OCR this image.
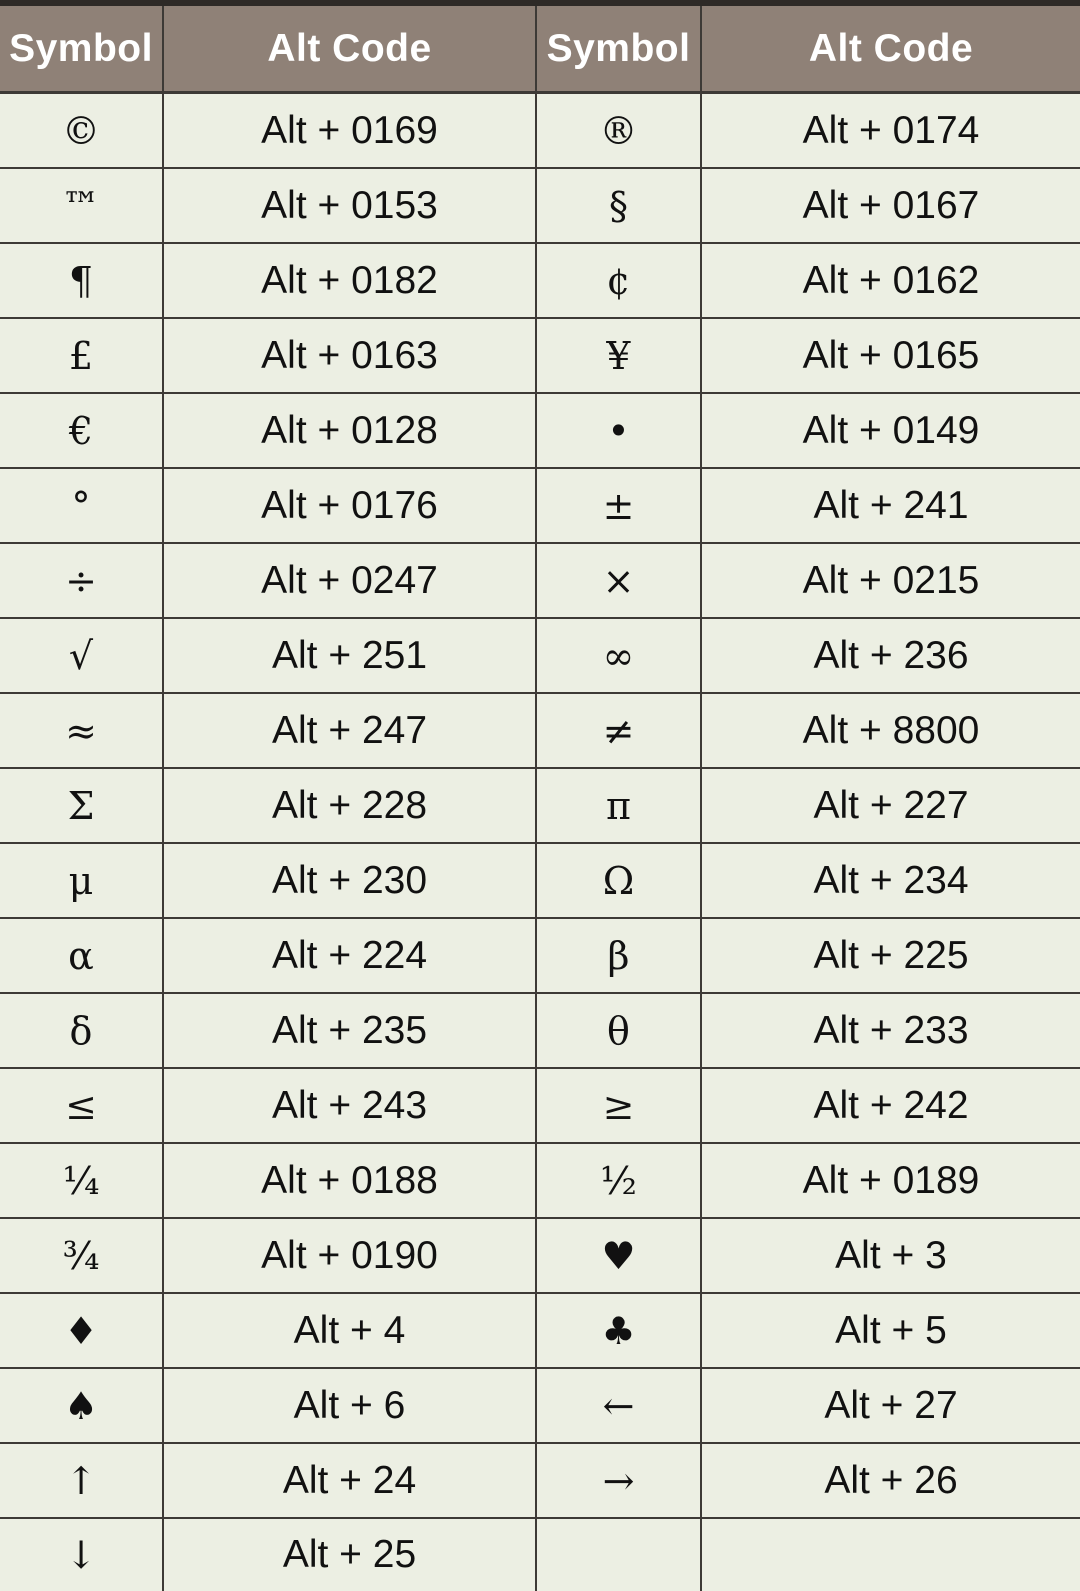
Symbol	Alt Code	Symbol	Alt Code
©	Alt + 0169	®	Alt + 0174
™	Alt + 0153	§	Alt + 0167
¶	Alt + 0182	¢	Alt + 0162
£	Alt + 0163	¥	Alt + 0165
€	Alt + 0128	•	Alt + 0149
°	Alt + 0176	±	Alt + 241
÷	Alt + 0247	×	Alt + 0215
√	Alt + 251	∞	Alt + 236
≈	Alt + 247	≠	Alt + 8800
Σ	Alt + 228	π	Alt + 227
μ	Alt + 230	Ω	Alt + 234
α	Alt + 224	β	Alt + 225
δ	Alt + 235	θ	Alt + 233
≤	Alt + 243	≥	Alt + 242
¼	Alt + 0188	½	Alt + 0189
¾	Alt + 0190	♥	Alt + 3
♦	Alt + 4	♣	Alt + 5
♠	Alt + 6	←	Alt + 27
↑	Alt + 24	→	Alt + 26
↓	Alt + 25		
